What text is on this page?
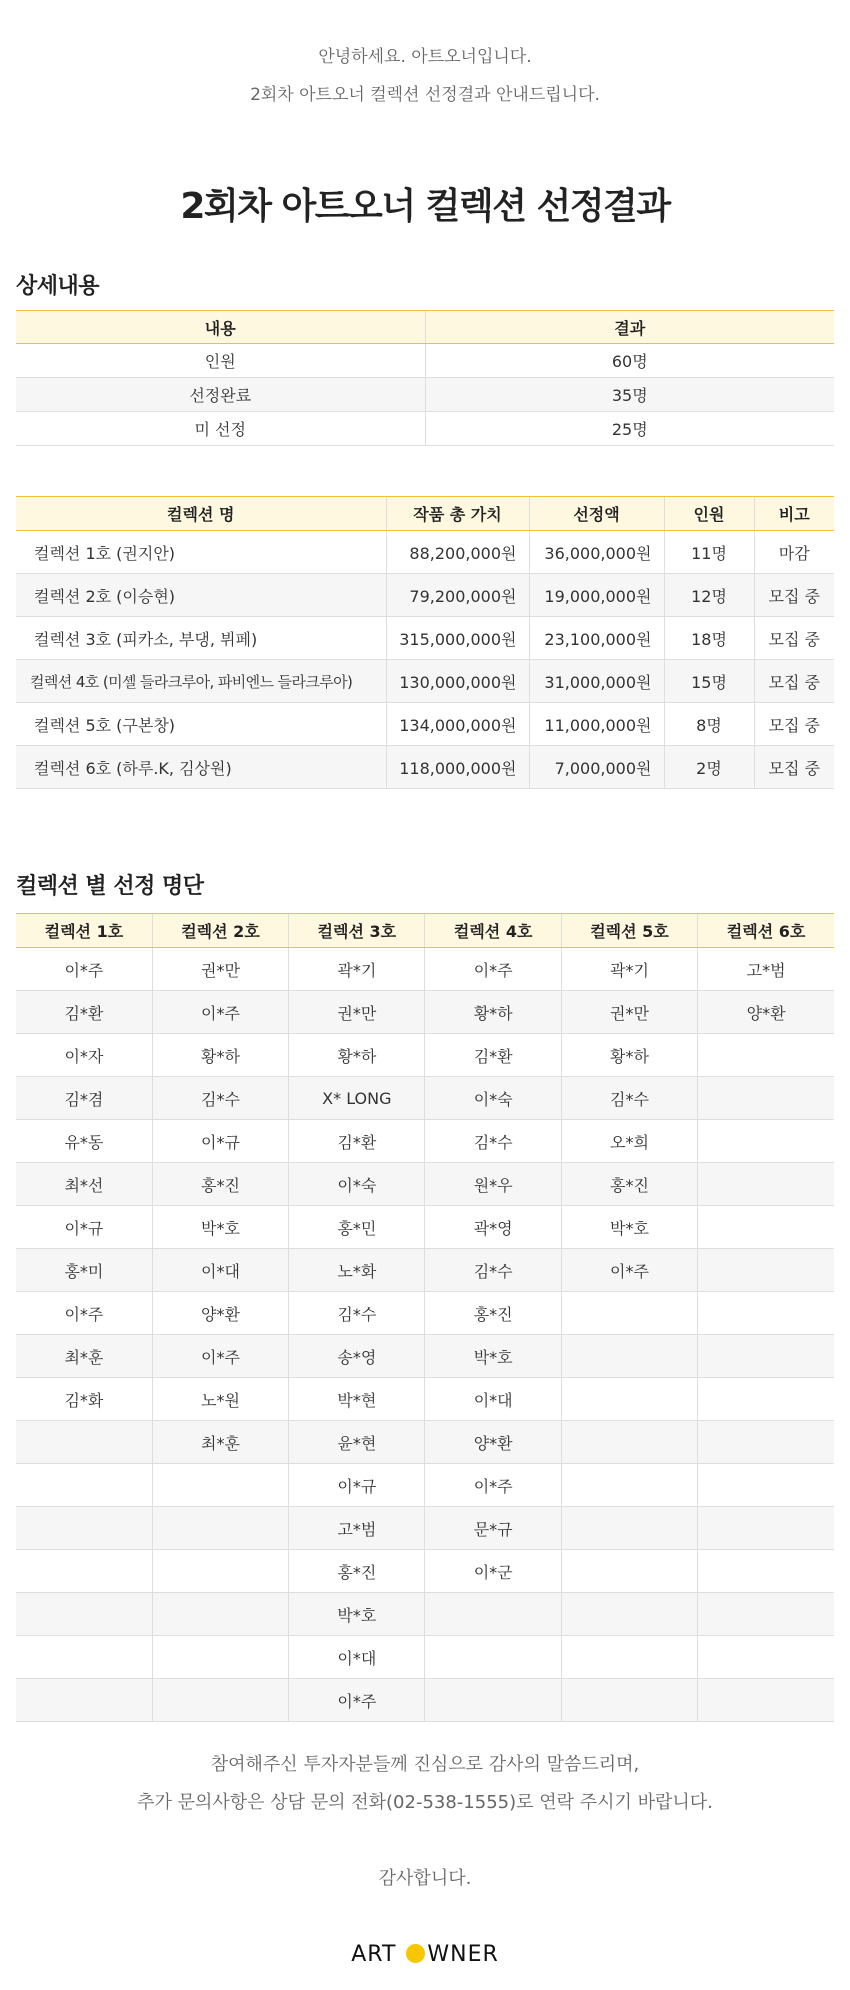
안녕하세요. 아트오너입니다.
2회차 아트오너 컬렉션 선정결과 안내드립니다.
2회차 아트오너 컬렉션 선정결과
상세내용
내용	결과
인원	60명
선정완료	35명
미 선정	25명
컬렉션 명	작품 총 가치	선정액	인원	비고
컬렉션 1호 (권지안)	88,200,000원	36,000,000원	11명	마감
컬렉션 2호 (이승현)	79,200,000원	19,000,000원	12명	모집 중
컬렉션 3호 (피카소, 부댕, 뷔페)	315,000,000원	23,100,000원	18명	모집 중
컬렉션 4호 (미셸 들라크루아, 파비엔느 들라크루아)	130,000,000원	31,000,000원	15명	모집 중
컬렉션 5호 (구본창)	134,000,000원	11,000,000원	8명	모집 중
컬렉션 6호 (하루.K, 김상원)	118,000,000원	7,000,000원	2명	모집 중
컬렉션 별 선정 명단
컬렉션 1호	컬렉션 2호	컬렉션 3호	컬렉션 4호	컬렉션 5호	컬렉션 6호
이*주	권*만	곽*기	이*주	곽*기	고*범
김*환	이*주	권*만	황*하	권*만	양*환
이*자	황*하	황*하	김*환	황*하	
김*겸	김*수	X* LONG	이*숙	김*수	
유*동	이*규	김*환	김*수	오*희	
최*선	홍*진	이*숙	원*우	홍*진	
이*규	박*호	홍*민	곽*영	박*호	
홍*미	이*대	노*화	김*수	이*주	
이*주	양*환	김*수	홍*진		
최*훈	이*주	송*영	박*호		
김*화	노*원	박*현	이*대		
	최*훈	윤*현	양*환		
		이*규	이*주		
		고*범	문*규		
		홍*진	이*군		
		박*호			
		이*대			
		이*주			
참여해주신 투자자분들께 진심으로 감사의 말씀드리며,
추가 문의사항은 상담 문의 전화(02-538-1555)로 연락 주시기 바랍니다.
감사합니다.
ART WNER
